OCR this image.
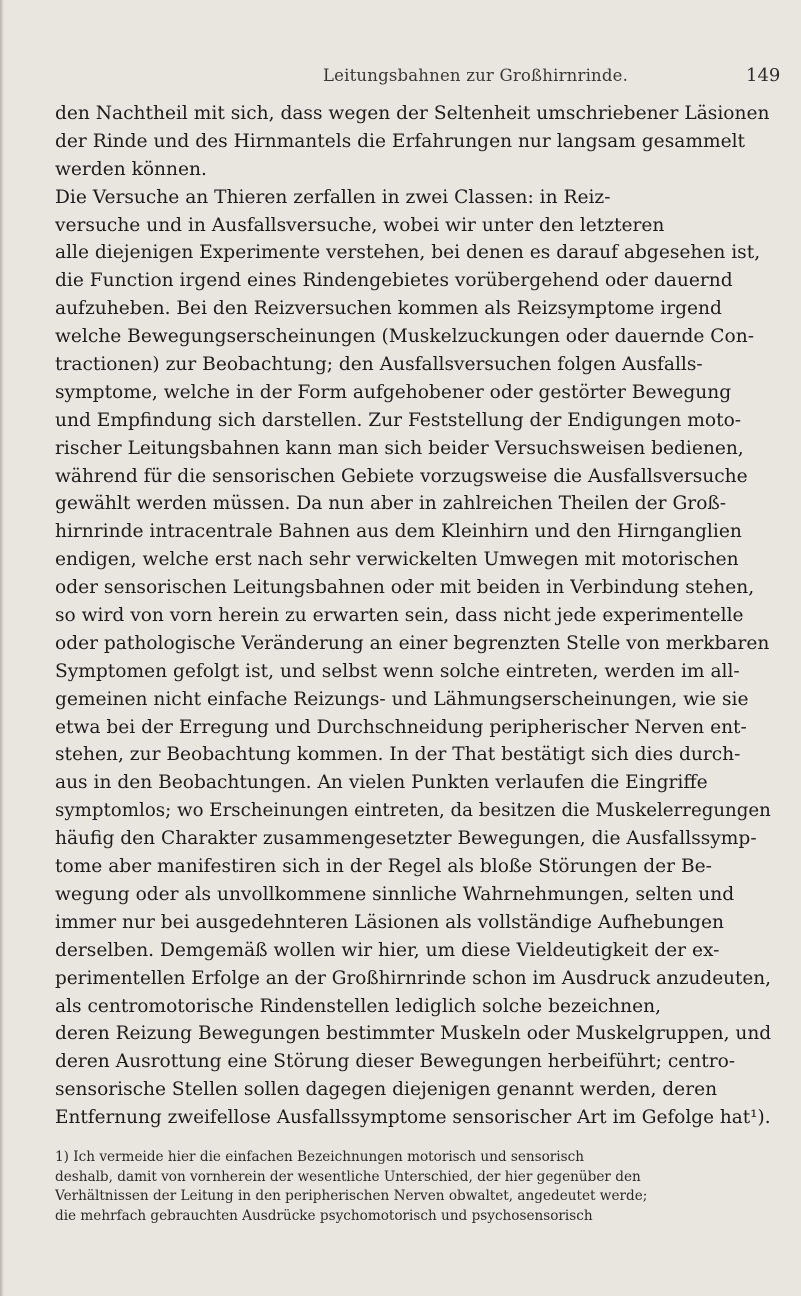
Leitungsbahnen zur Großhirnrinde.	149
den Nachtheil mit sich, dass wegen der Seltenheit umschriebener Läsionen
der Rinde und des Hirnmantels die Erfahrungen nur langsam gesammelt
werden können.
Die Versuche an Thieren zerfallen in zwei Classen: in Reiz-
versuche und in Ausfallsversuche, wobei wir unter den letzteren
alle diejenigen Experimente verstehen, bei denen es darauf abgesehen ist,
die Function irgend eines Rindengebietes vorübergehend oder dauernd
aufzuheben. Bei den Reizversuchen kommen als Reizsymptome irgend
welche Bewegungserscheinungen (Muskelzuckungen oder dauernde Con-
tractionen) zur Beobachtung; den Ausfallsversuchen folgen Ausfalls-
symptome, welche in der Form aufgehobener oder gestörter Bewegung
und Empfindung sich darstellen. Zur Feststellung der Endigungen moto-
rischer Leitungsbahnen kann man sich beider Versuchsweisen bedienen,
während für die sensorischen Gebiete vorzugsweise die Ausfallsversuche
gewählt werden müssen. Da nun aber in zahlreichen Theilen der Groß-
hirnrinde intracentrale Bahnen aus dem Kleinhirn und den Hirnganglien
endigen, welche erst nach sehr verwickelten Umwegen mit motorischen
oder sensorischen Leitungsbahnen oder mit beiden in Verbindung stehen,
so wird von vorn herein zu erwarten sein, dass nicht jede experimentelle
oder pathologische Veränderung an einer begrenzten Stelle von merkbaren
Symptomen gefolgt ist, und selbst wenn solche eintreten, werden im all-
gemeinen nicht einfache Reizungs- und Lähmungserscheinungen, wie sie
etwa bei der Erregung und Durchschneidung peripherischer Nerven ent-
stehen, zur Beobachtung kommen. In der That bestätigt sich dies durch-
aus in den Beobachtungen. An vielen Punkten verlaufen die Eingriffe
symptomlos; wo Erscheinungen eintreten, da besitzen die Muskelerregungen
häufig den Charakter zusammengesetzter Bewegungen, die Ausfallssymp-
tome aber manifestiren sich in der Regel als bloße Störungen der Be-
wegung oder als unvollkommene sinnliche Wahrnehmungen, selten und
immer nur bei ausgedehnteren Läsionen als vollständige Aufhebungen
derselben. Demgemäß wollen wir hier, um diese Vieldeutigkeit der ex-
perimentellen Erfolge an der Großhirnrinde schon im Ausdruck anzudeuten,
als centromotorische Rindenstellen lediglich solche bezeichnen,
deren Reizung Bewegungen bestimmter Muskeln oder Muskelgruppen, und
deren Ausrottung eine Störung dieser Bewegungen herbeiführt; centro-
sensorische Stellen sollen dagegen diejenigen genannt werden, deren
Entfernung zweifellose Ausfallssymptome sensorischer Art im Gefolge hat¹).
1) Ich vermeide hier die einfachen Bezeichnungen motorisch und sensorisch
deshalb, damit von vornherein der wesentliche Unterschied, der hier gegenüber den
Verhältnissen der Leitung in den peripherischen Nerven obwaltet, angedeutet werde;
die mehrfach gebrauchten Ausdrücke psychomotorisch und psychosensorisch
